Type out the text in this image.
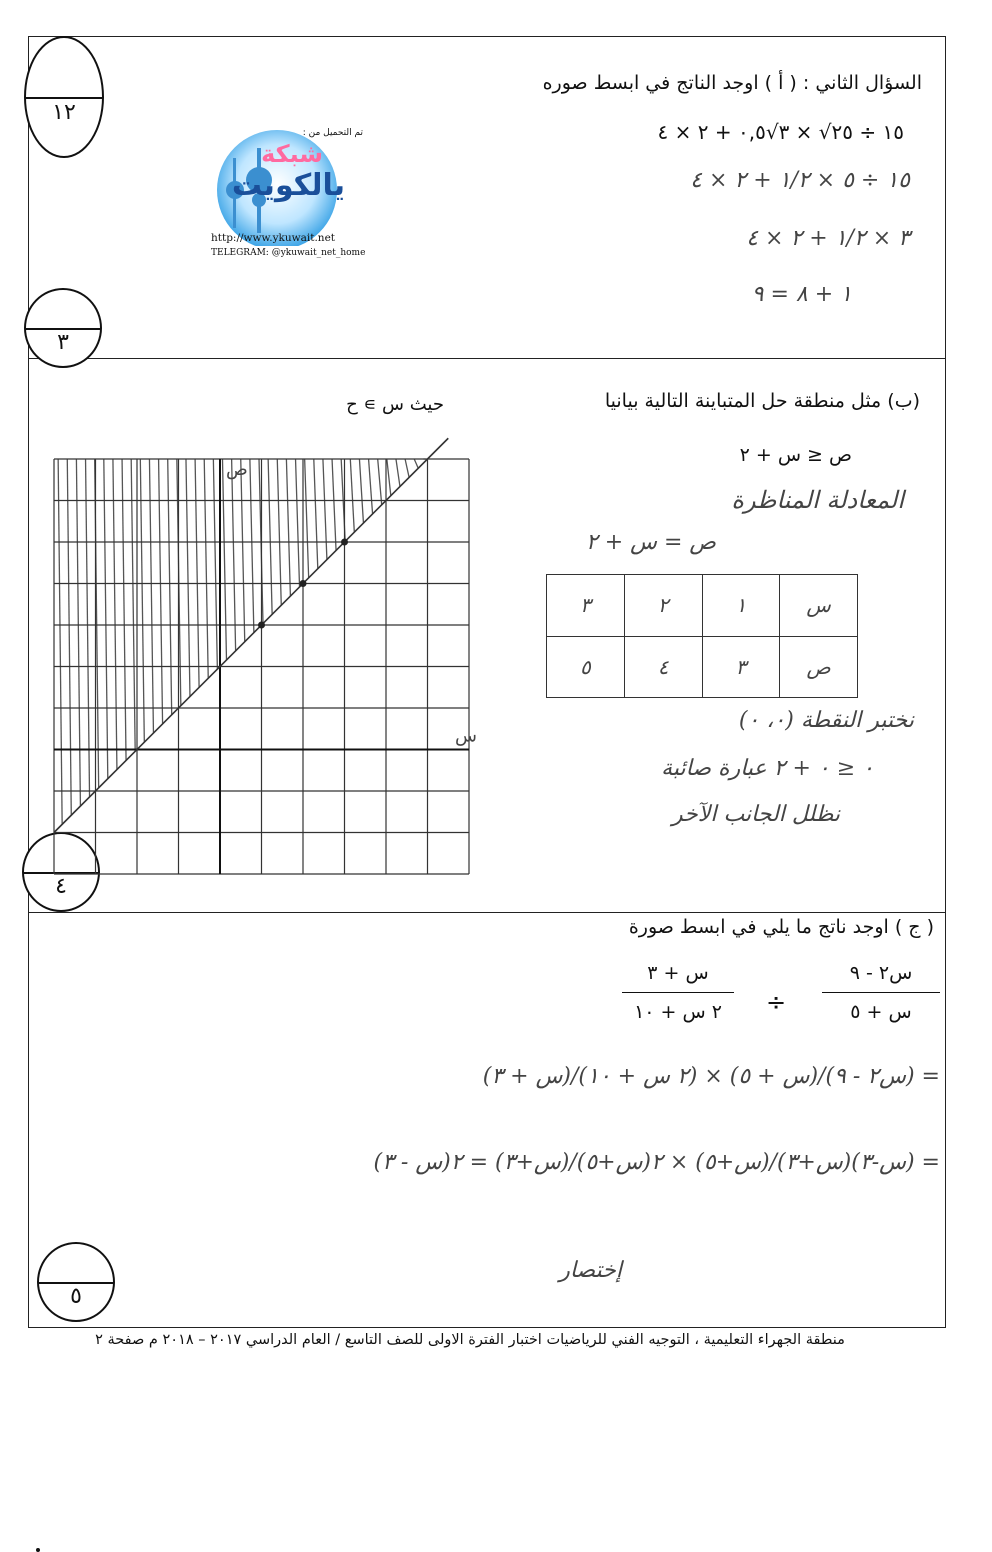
١٢
٣
٤
٥
تم التحميل من :
شبكة
يالكويت
http://www.ykuwait.net
TELEGRAM: @ykuwait_net_home
السؤال الثاني : ( أ ) اوجد الناتج في ابسط صوره
١٥ ÷ ٢٥√ × ٣√٠,٥ + ٢ × ٤
١٥ ÷ ٥ × ١/٢ + ٢ × ٤
٣ × ١/٢ + ٢ × ٤
١ + ٨ = ٩
(ب) مثل منطقة حل المتباينة التالية بيانيا
حيث س ∍ ح
ص ≤ س + ٢
المعادلة المناظرة
ص = س + ٢
س	١	٢	٣
ص	٣	٤	٥
نختبر النقطة (٠، ٠)
٠ ≤ ٠ + ٢ عبارة صائبة
نظلل الجانب الآخر
س
ص
( ج ) اوجد ناتج ما يلي في ابسط صورة
س٢ - ٩
س + ٥
÷
س + ٣
٢ س + ١٠
= (س٢ - ٩)/(س + ٥) × (٢ س + ١٠)/(س + ٣)
= (س-٣)(س+٣)/(س+٥) × ٢(س+٥)/(س+٣) = ٢(س - ٣)
إختصار
منطقة الجهراء التعليمية ، التوجيه الفني للرياضيات اختبار الفترة الاولى للصف التاسع / العام الدراسي ٢٠١٧ – ٢٠١٨ م صفحة ٢
